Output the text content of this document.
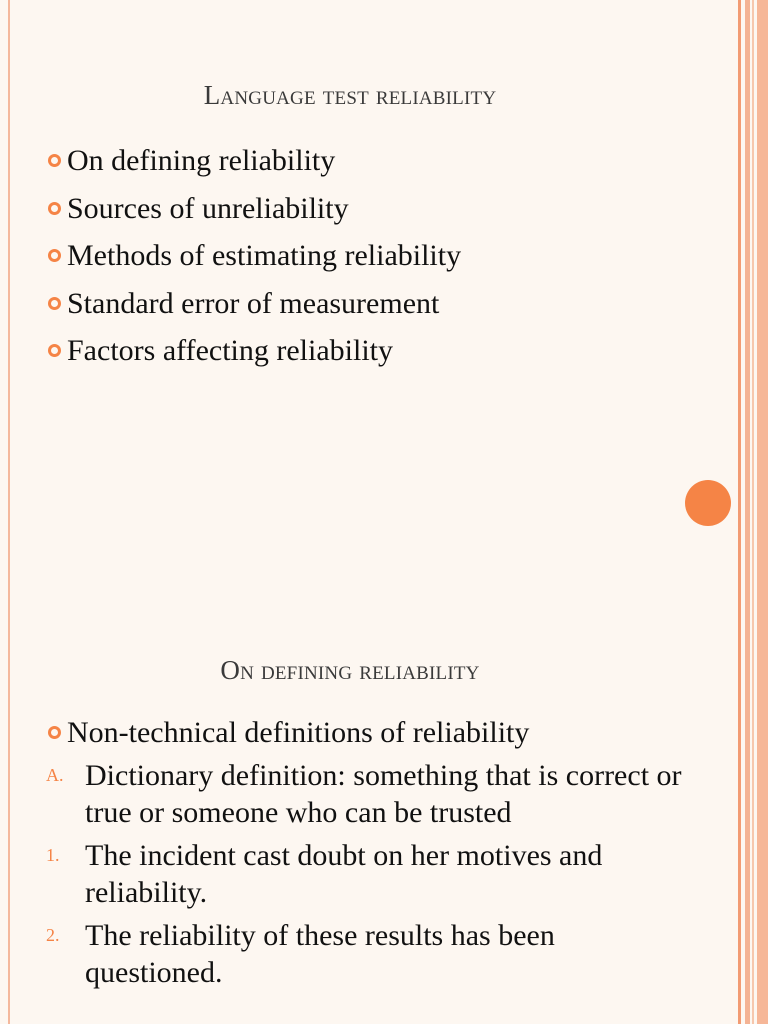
Language test reliability
On defining reliability
Sources of unreliability
Methods of estimating reliability
Standard error of measurement
Factors affecting reliability
On defining reliability
Non-technical definitions of reliability
A. Dictionary definition: something that is correct or true or someone who can be trusted
1. The incident cast doubt on her motives and reliability.
2. The reliability of these results has been questioned.
